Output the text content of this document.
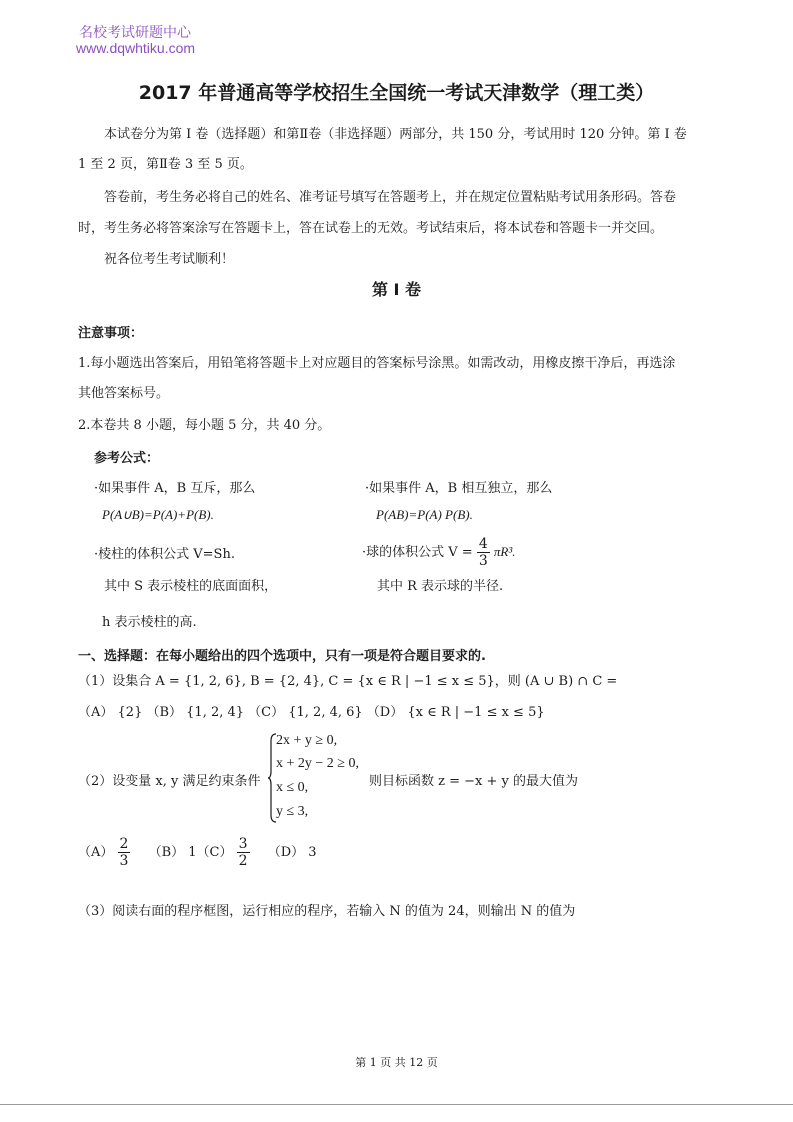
名校考试研题中心
www.dqwhtiku.com
2017 年普通高等学校招生全国统一考试天津数学（理工类）
本试卷分为第 I 卷（选择题）和第Ⅱ卷（非选择题）两部分，共 150 分，考试用时 120 分钟。第 I 卷
1 至 2 页，第Ⅱ卷 3 至 5 页。
答卷前，考生务必将自己的姓名、准考证号填写在答题考上，并在规定位置粘贴考试用条形码。答卷
时，考生务必将答案涂写在答题卡上，答在试卷上的无效。考试结束后，将本试卷和答题卡一并交回。
祝各位考生考试顺利！
第 I 卷
注意事项：
1.每小题选出答案后，用铅笔将答题卡上对应题目的答案标号涂黑。如需改动，用橡皮擦干净后，再选涂
其他答案标号。
2.本卷共 8 小题，每小题 5 分，共 40 分。
参考公式：
·如果事件 A，B 互斥，那么
P(A∪B)=P(A)+P(B).
·如果事件 A，B 相互独立，那么
P(AB)=P(A) P(B).
·棱柱的体积公式 V=Sh.
其中 S 表示棱柱的底面面积，
h 表示棱柱的高.
·球的体积公式 $V = \frac{4}{3} \pi R^3$.
其中 R 表示球的半径.
一、选择题：在每小题给出的四个选项中，只有一项是符合题目要求的.
（1）设集合 A = {1, 2, 6}, B = {2, 4}, C = {x ∈ R | −1 ≤ x ≤ 5}，则 (A ∪ B) ∩ C =
（A） {2} （B） {1, 2, 4} （C） {1, 2, 4, 6} （D） {x ∈ R | −1 ≤ x ≤ 5}
（2）设变量 x, y 满足约束条件
2x + y ≥ 0,
x + 2y − 2 ≥ 0,
x ≤ 0,
y ≤ 3,
则目标函数 z = −x + y 的最大值为
$(A) \frac{2}{3} (B)$ $1(C) \frac{3}{2} (D)$ 3
（3）阅读右面的程序框图，运行相应的程序，若输入 N 的值为 24，则输出 N 的值为
第 1 页 共 12 页
